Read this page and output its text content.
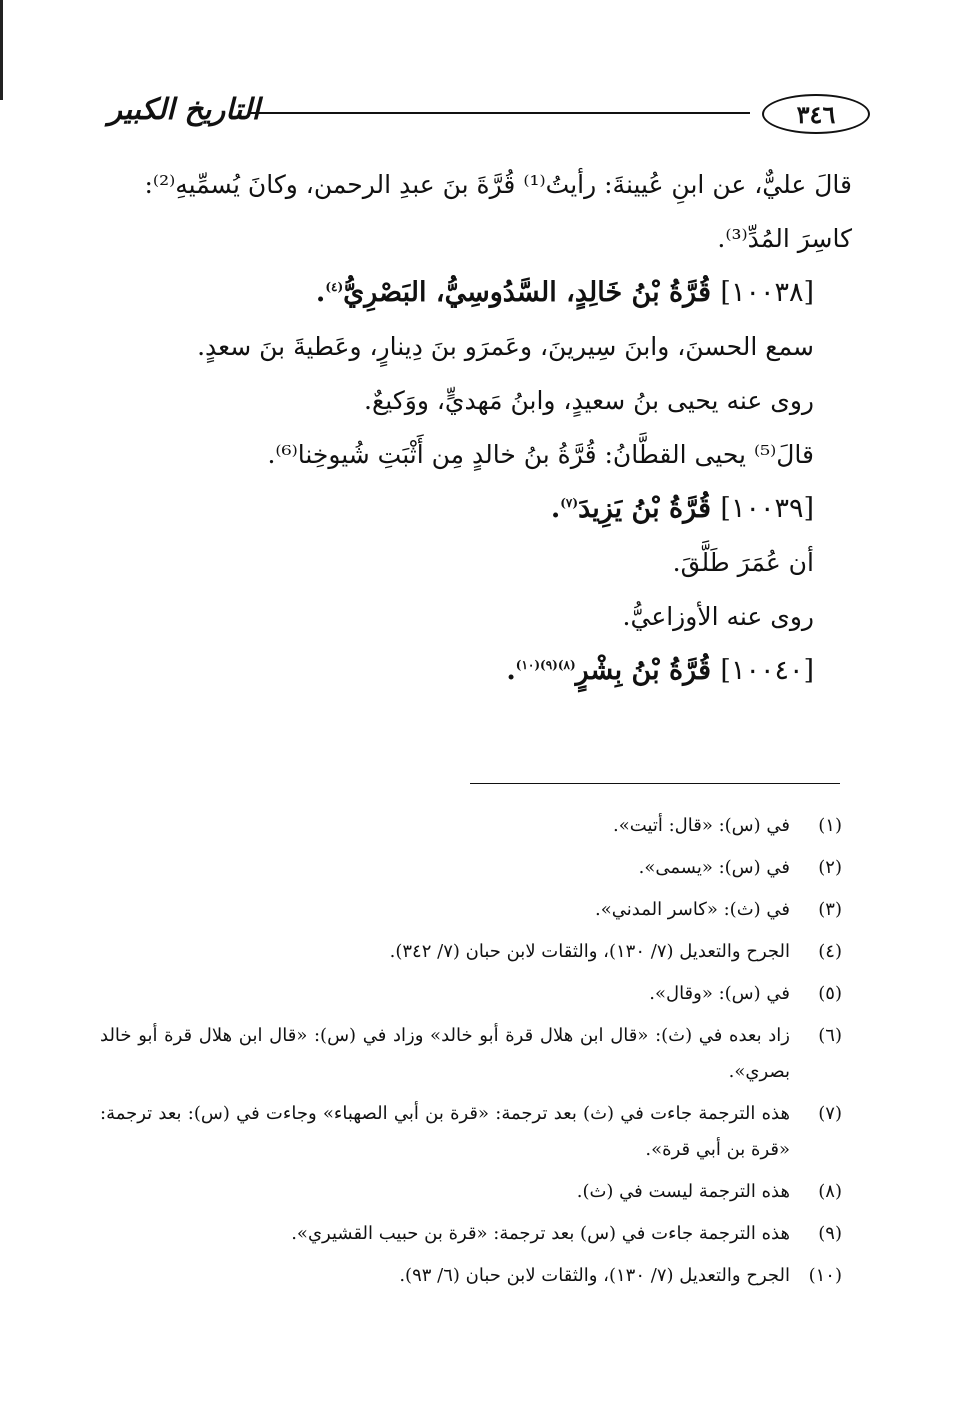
٣٤٦
التاريخ الكبير

قالَ عليٌّ، عن ابنِ عُيينةَ: رأيتُ⁽¹⁾ قُرَّةَ بنَ عبدِ الرحمن، وكانَ يُسمِّيهِ⁽²⁾: كاسِرَ المُدِّ⁽³⁾.

[١٠٠٣٨] قُرَّةُ بْنُ خَالِدٍ، السَّدُوسِيُّ، البَصْرِيُّ$^{(٤)}$.

سمع الحسنَ، وابنَ سِيرينَ، وعَمرَو بنَ دِينارٍ، وعَطيةَ بنَ سعدٍ.

روى عنه يحيى بنُ سعيدٍ، وابنُ مَهديٍّ، ووَكيعٌ.

قالَ⁽⁵⁾ يحيى القطَّانُ: قُرَّةُ بنُ خالدٍ مِن أَثْبَتِ شُيوخِنا⁽⁶⁾.

[١٠٠٣٩] قُرَّةُ بْنُ يَزِيدَ$^{(٧)}$.

أن عُمَرَ طَلَّقَ.

روى عنه الأوزاعيُّ.

[١٠٠٤٠] قُرَّةُ بْنُ بِشْرٍ$^{(٨)(٩)(١٠)}$.

(١)
في (س): «قال: أتيت».
(٢)
في (س): «يسمى».
(٣)
في (ث): «كاسر المدني».
(٤)
الجرح والتعديل (٧/ ١٣٠)، والثقات لابن حبان (٧/ ٣٤٢).
(٥)
في (س): «وقال».
(٦)
زاد بعده في (ث): «قال ابن هلال قرة أبو خالد» وزاد في (س): «قال ابن هلال قرة أبو خالد بصري».
(٧)
هذه الترجمة جاءت في (ث) بعد ترجمة: «قرة بن أبي الصهباء» وجاءت في (س): بعد ترجمة: «قرة بن أبي قرة».
(٨)
هذه الترجمة ليست في (ث).
(٩)
هذه الترجمة جاءت في (س) بعد ترجمة: «قرة بن حبيب القشيري».
(١٠)
الجرح والتعديل (٧/ ١٣٠)، والثقات لابن حبان (٦/ ٩٣).
